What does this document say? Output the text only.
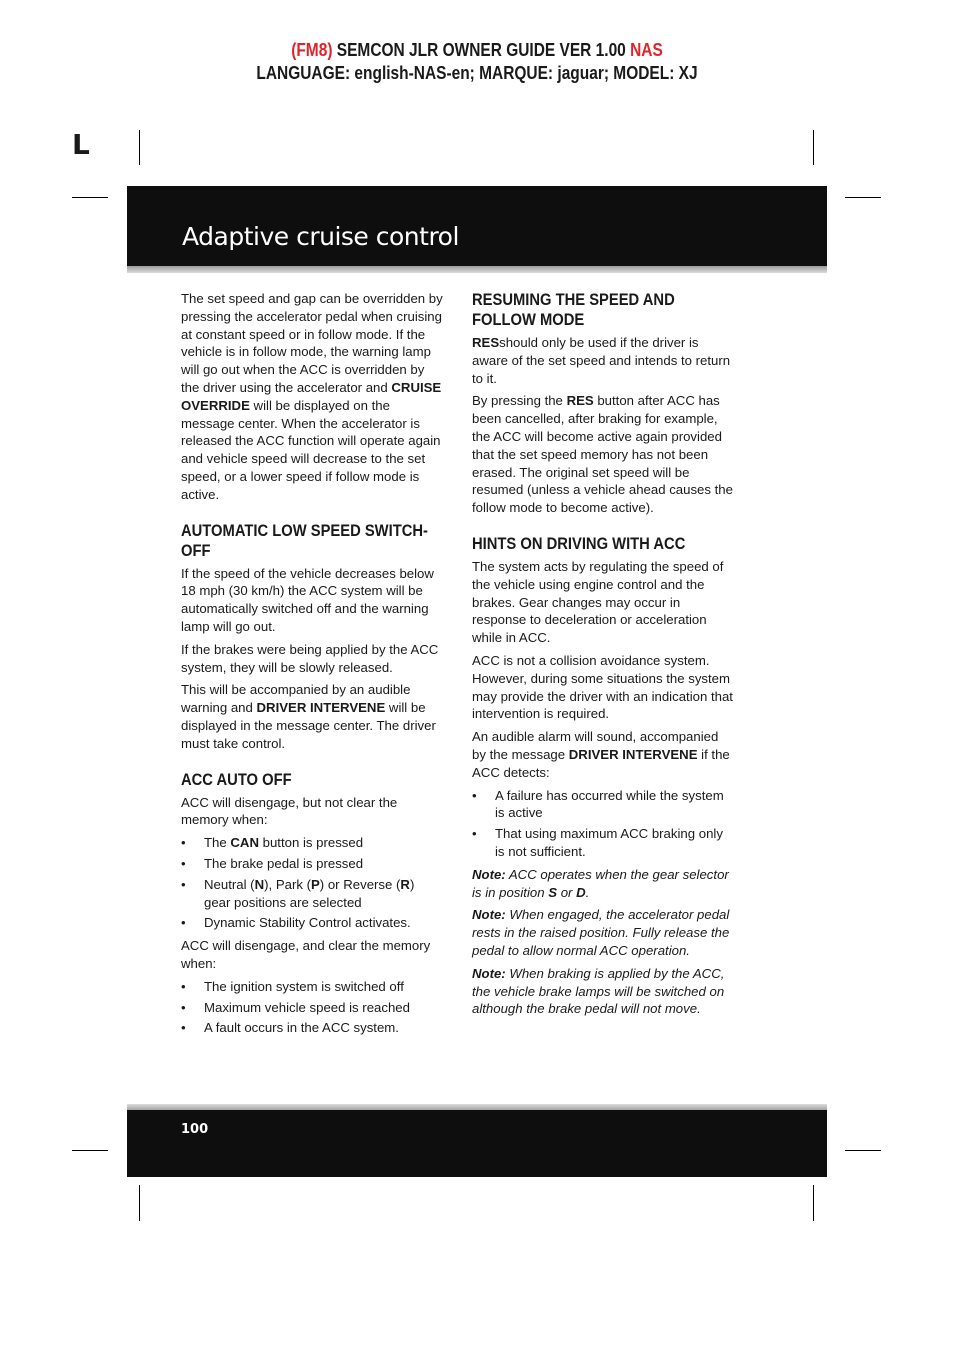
(FM8) SEMCON JLR OWNER GUIDE VER 1.00 NAS
LANGUAGE: english-NAS-en; MARQUE: jaguar; MODEL: XJ
L
Adaptive cruise control

The set speed and gap can be overridden by pressing the accelerator pedal when cruising at constant speed or in follow mode. If the vehicle is in follow mode, the warning lamp will go out when the ACC is overridden by the driver using the accelerator and CRUISE OVERRIDE will be displayed on the message center. When the accelerator is released the ACC function will operate again and vehicle speed will decrease to the set speed, or a lower speed if follow mode is active.

AUTOMATIC LOW SPEED SWITCH-OFF

If the speed of the vehicle decreases below 18 mph (30 km/h) the ACC system will be automatically switched off and the warning lamp will go out.

If the brakes were being applied by the ACC system, they will be slowly released.

This will be accompanied by an audible warning and DRIVER INTERVENE will be displayed in the message center. The driver must take control.

ACC AUTO OFF

ACC will disengage, but not clear the memory when:

• The CAN button is pressed
• The brake pedal is pressed
• Neutral (N), Park (P) or Reverse (R) gear positions are selected
• Dynamic Stability Control activates.

ACC will disengage, and clear the memory when:

• The ignition system is switched off
• Maximum vehicle speed is reached
• A fault occurs in the ACC system.
RESUMING THE SPEED AND FOLLOW MODE

RESshould only be used if the driver is aware of the set speed and intends to return to it.

By pressing the RES button after ACC has been cancelled, after braking for example, the ACC will become active again provided that the set speed memory has not been erased. The original set speed will be resumed (unless a vehicle ahead causes the follow mode to become active).

HINTS ON DRIVING WITH ACC

The system acts by regulating the speed of the vehicle using engine control and the brakes. Gear changes may occur in response to deceleration or acceleration while in ACC.

ACC is not a collision avoidance system. However, during some situations the system may provide the driver with an indication that intervention is required.

An audible alarm will sound, accompanied by the message DRIVER INTERVENE if the ACC detects:

• A failure has occurred while the system is active
• That using maximum ACC braking only is not sufficient.

Note: ACC operates when the gear selector is in position S or D.

Note: When engaged, the accelerator pedal rests in the raised position. Fully release the pedal to allow normal ACC operation.

Note: When braking is applied by the ACC, the vehicle brake lamps will be switched on although the brake pedal will not move.

100
